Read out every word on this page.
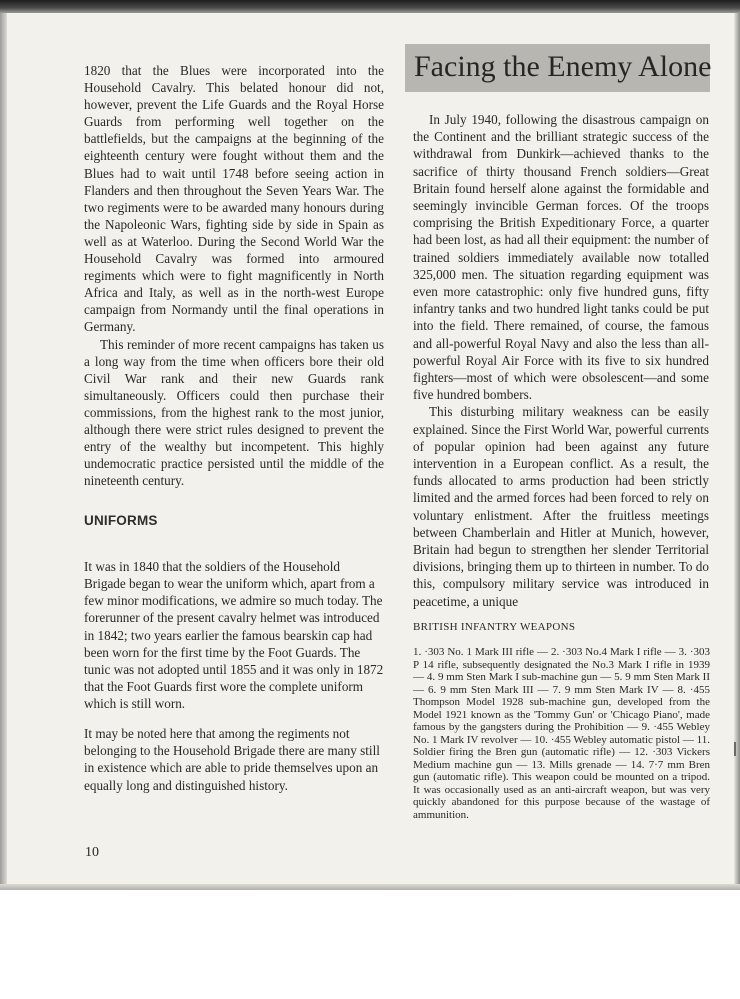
1820 that the Blues were incorporated into the Household Cavalry. This belated honour did not, however, prevent the Life Guards and the Royal Horse Guards from performing well together on the battlefields, but the campaigns at the beginning of the eighteenth century were fought without them and the Blues had to wait until 1748 before seeing action in Flanders and then throughout the Seven Years War. The two regiments were to be awarded many honours during the Napoleonic Wars, fighting side by side in Spain as well as at Waterloo. During the Second World War the Household Cavalry was formed into armoured regiments which were to fight magnificently in North Africa and Italy, as well as in the north-west Europe campaign from Normandy until the final operations in Germany.

This reminder of more recent campaigns has taken us a long way from the time when officers bore their old Civil War rank and their new Guards rank simultaneously. Officers could then purchase their commissions, from the highest rank to the most junior, although there were strict rules designed to prevent the entry of the wealthy but incompetent. This highly undemocratic practice persisted until the middle of the nineteenth century.

UNIFORMS

It was in 1840 that the soldiers of the Household Brigade began to wear the uniform which, apart from a few minor modifications, we admire so much today. The forerunner of the present cavalry helmet was introduced in 1842; two years earlier the famous bearskin cap had been worn for the first time by the Foot Guards. The tunic was not adopted until 1855 and it was only in 1872 that the Foot Guards first wore the complete uniform which is still worn.

It may be noted here that among the regiments not belonging to the Household Brigade there are many still in existence which are able to pride themselves upon an equally long and distinguished history.

Facing the Enemy Alone

In July 1940, following the disastrous campaign on the Continent and the brilliant strategic success of the withdrawal from Dunkirk—achieved thanks to the sacrifice of thirty thousand French soldiers—Great Britain found herself alone against the formidable and seemingly invincible German forces. Of the troops comprising the British Expeditionary Force, a quarter had been lost, as had all their equipment: the number of trained soldiers immediately available now totalled 325,000 men. The situation regarding equipment was even more catastrophic: only five hundred guns, fifty infantry tanks and two hundred light tanks could be put into the field. There remained, of course, the famous and all-powerful Royal Navy and also the less than all-powerful Royal Air Force with its five to six hundred fighters—most of which were obsolescent—and some five hundred bombers.

This disturbing military weakness can be easily explained. Since the First World War, powerful currents of popular opinion had been against any future intervention in a European conflict. As a result, the funds allocated to arms production had been strictly limited and the armed forces had been forced to rely on voluntary enlistment. After the fruitless meetings between Chamberlain and Hitler at Munich, however, Britain had begun to strengthen her slender Territorial divisions, bringing them up to thirteen in number. To do this, compulsory military service was introduced in peacetime, a unique

BRITISH INFANTRY WEAPONS

1. ·303 No. 1 Mark III rifle — 2. ·303 No.4 Mark I rifle — 3. ·303 P 14 rifle, subsequently designated the No.3 Mark I rifle in 1939 — 4. 9 mm Sten Mark I sub-machine gun — 5. 9 mm Sten Mark II — 6. 9 mm Sten Mark III — 7. 9 mm Sten Mark IV — 8. ·455 Thompson Model 1928 sub-machine gun, developed from the Model 1921 known as the 'Tommy Gun' or 'Chicago Piano', made famous by the gangsters during the Prohibition — 9. ·455 Webley No. 1 Mark IV revolver — 10. ·455 Webley automatic pistol — 11. Soldier firing the Bren gun (automatic rifle) — 12. ·303 Vickers Medium machine gun — 13. Mills grenade — 14. 7·7 mm Bren gun (automatic rifle). This weapon could be mounted on a tripod. It was occasionally used as an anti-aircraft weapon, but was very quickly abandoned for this purpose because of the wastage of ammunition.

10
